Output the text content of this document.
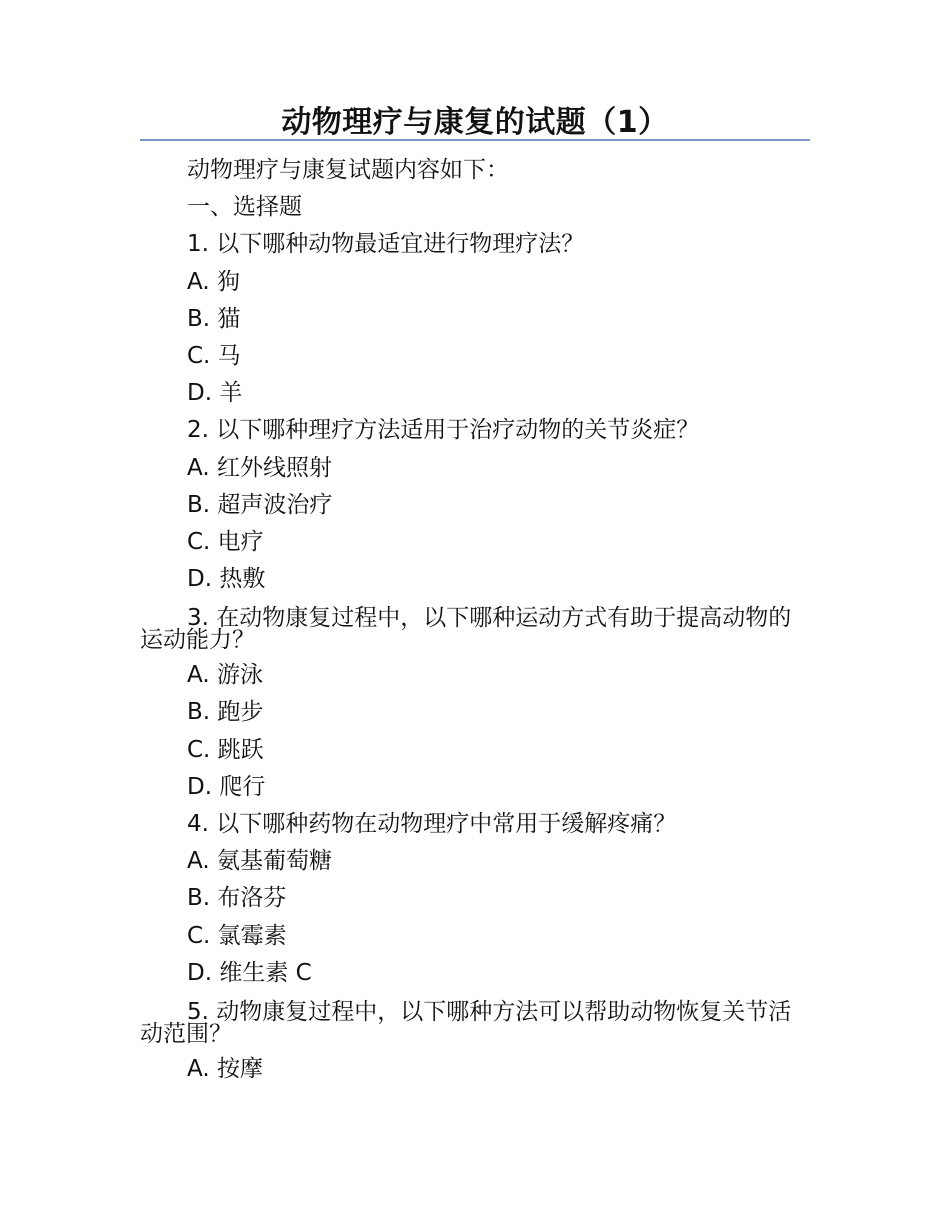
动物理疗与康复的试题（1）
动物理疗与康复试题内容如下：
一、选择题
1. 以下哪种动物最适宜进行物理疗法？
A. 狗
B. 猫
C. 马
D. 羊
2. 以下哪种理疗方法适用于治疗动物的关节炎症？
A. 红外线照射
B. 超声波治疗
C. 电疗
D. 热敷
3. 在动物康复过程中，以下哪种运动方式有助于提高动物的运动能力？
A. 游泳
B. 跑步
C. 跳跃
D. 爬行
4. 以下哪种药物在动物理疗中常用于缓解疼痛？
A. 氨基葡萄糖
B. 布洛芬
C. 氯霉素
D. 维生素 C
5. 动物康复过程中，以下哪种方法可以帮助动物恢复关节活动范围？
A. 按摩
